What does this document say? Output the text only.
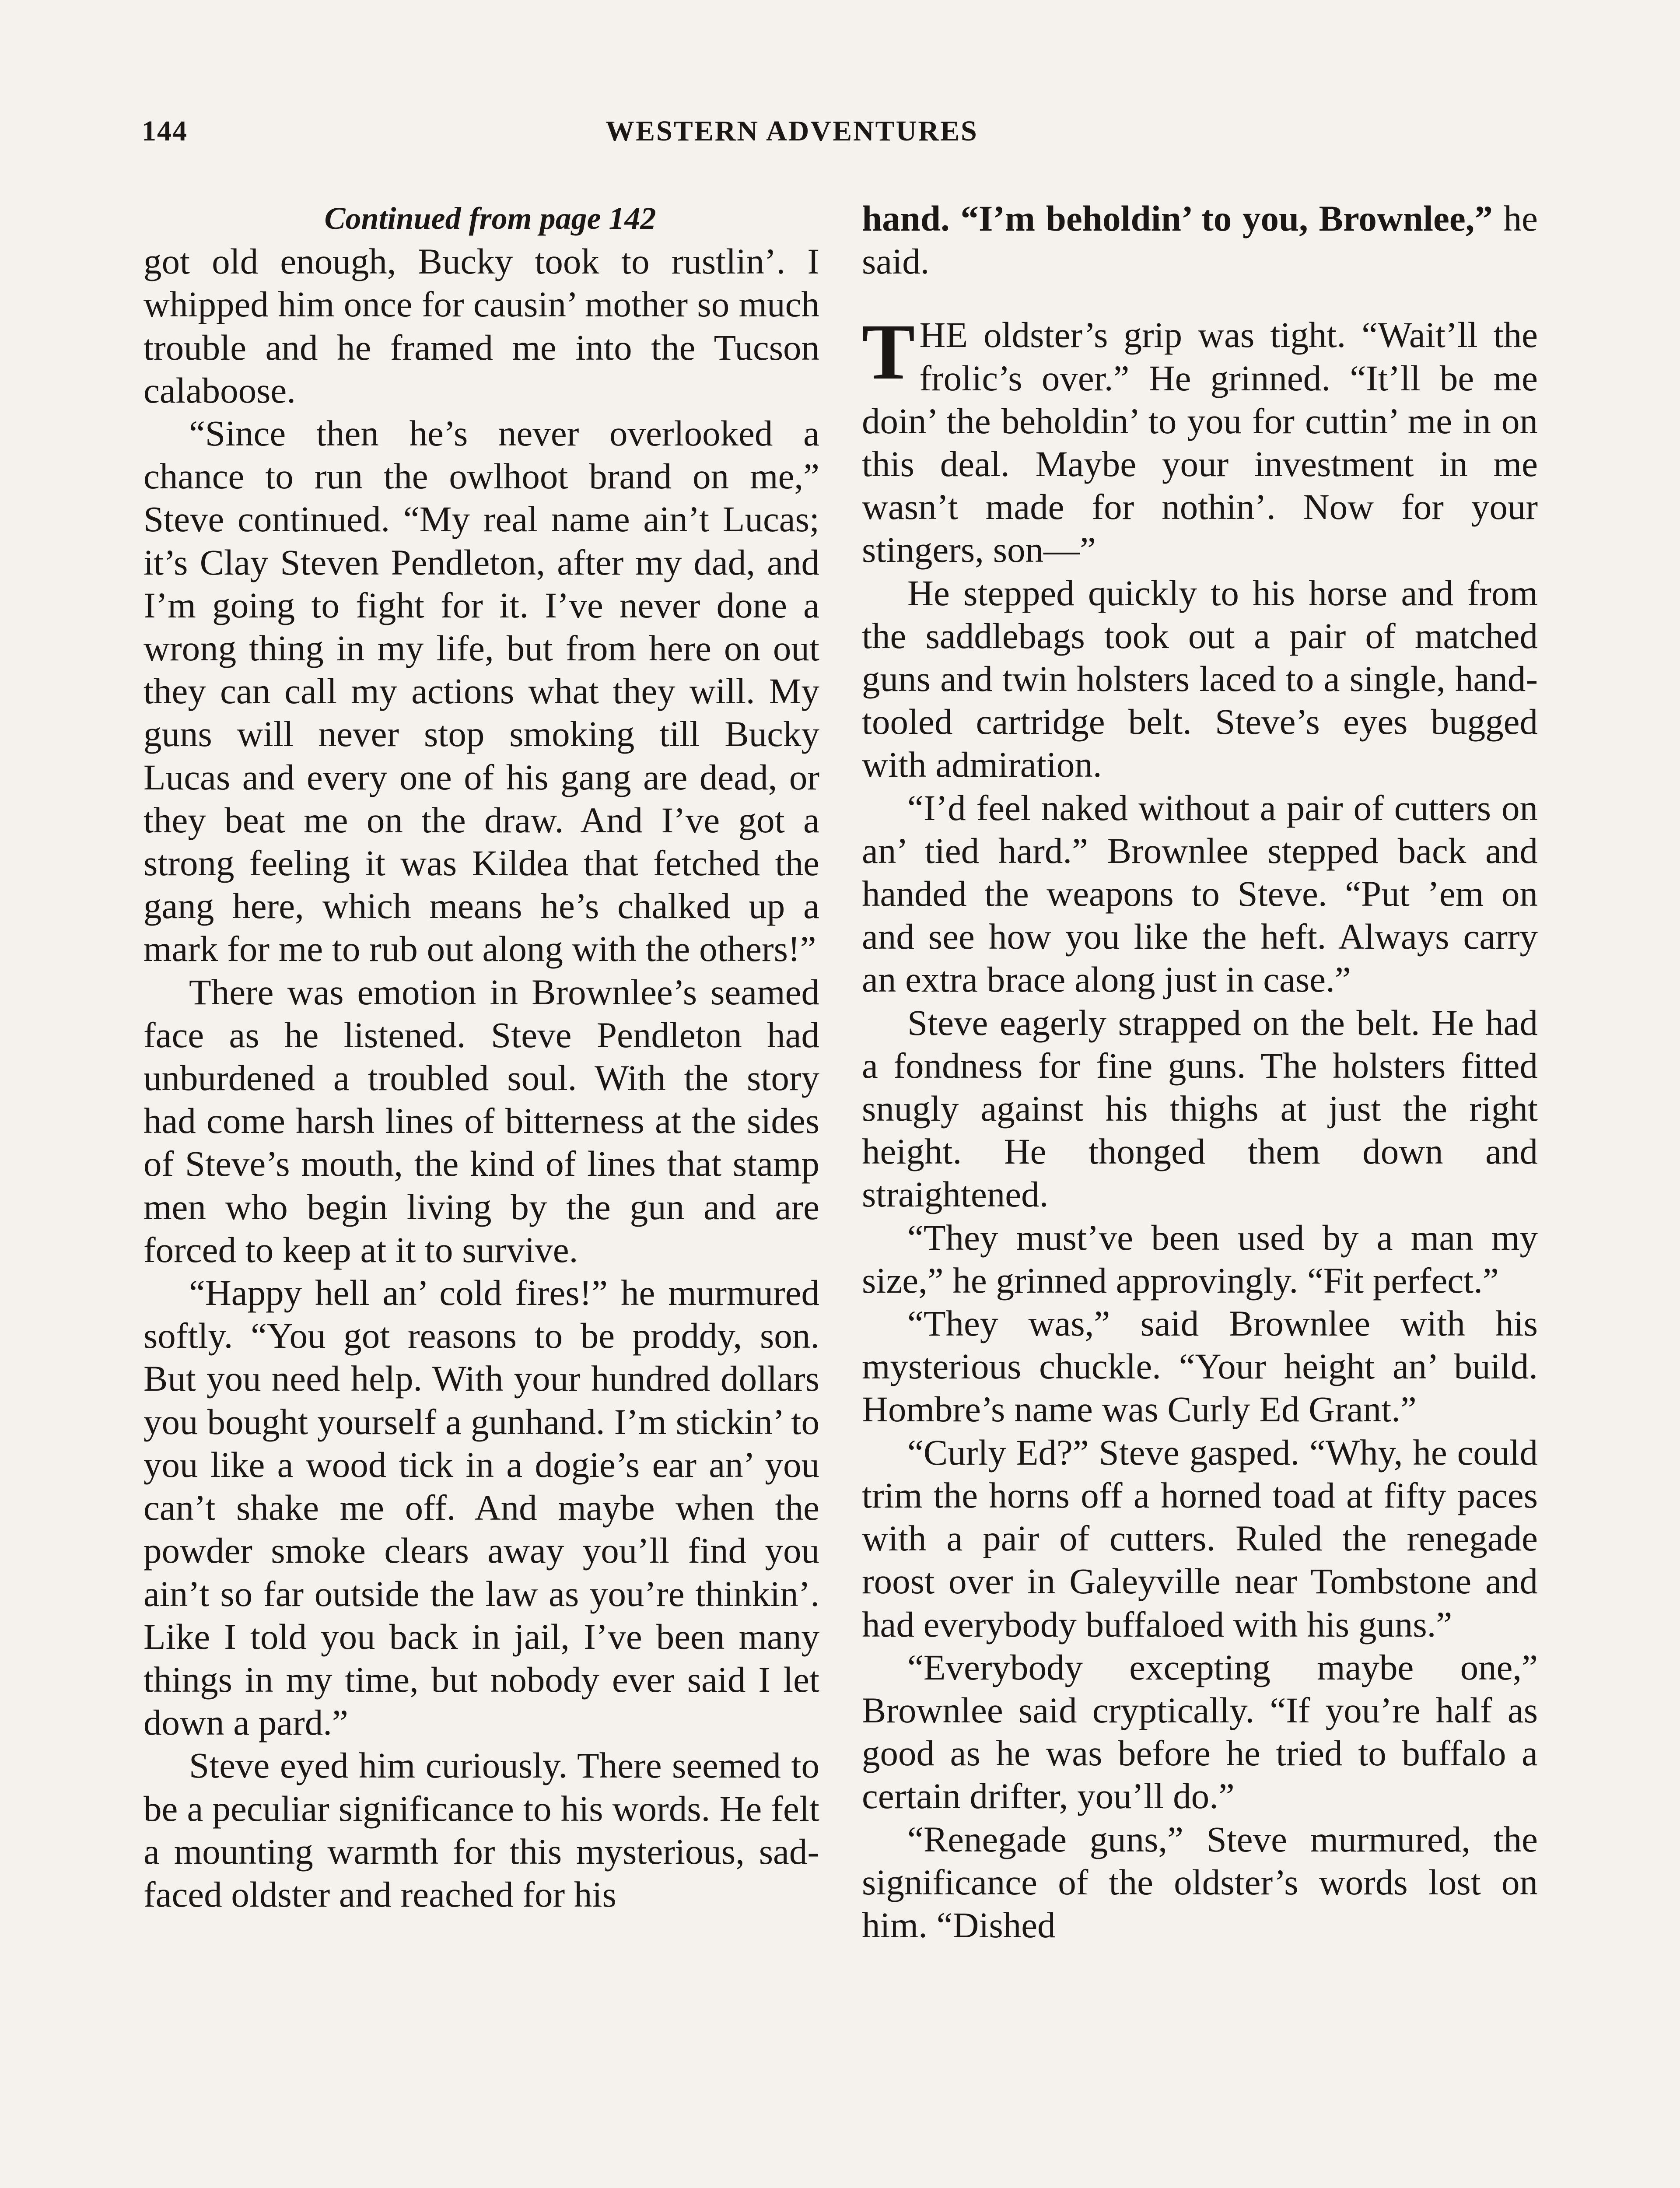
144	WESTERN ADVENTURES

Continued from page 142

got old enough, Bucky took to rustlin’. I whipped him once for causin’ mother so much trouble and he framed me into the Tucson calaboose.

“Since then he’s never overlooked a chance to run the owlhoot brand on me,” Steve continued. “My real name ain’t Lucas; it’s Clay Steven Pendleton, after my dad, and I’m going to fight for it. I’ve never done a wrong thing in my life, but from here on out they can call my actions what they will. My guns will never stop smoking till Bucky Lucas and every one of his gang are dead, or they beat me on the draw. And I’ve got a strong feeling it was Kildea that fetched the gang here, which means he’s chalked up a mark for me to rub out along with the others!”

There was emotion in Brownlee’s seamed face as he listened. Steve Pendleton had unburdened a troubled soul. With the story had come harsh lines of bitterness at the sides of Steve’s mouth, the kind of lines that stamp men who begin living by the gun and are forced to keep at it to survive.

“Happy hell an’ cold fires!” he murmured softly. “You got reasons to be proddy, son. But you need help. With your hundred dollars you bought yourself a gunhand. I’m stickin’ to you like a wood tick in a dogie’s ear an’ you can’t shake me off. And maybe when the powder smoke clears away you’ll find you ain’t so far outside the law as you’re thinkin’. Like I told you back in jail, I’ve been many things in my time, but nobody ever said I let down a pard.”

Steve eyed him curiously. There seemed to be a peculiar significance to his words. He felt a mounting warmth for this mysterious, sadfaced oldster and reached for his

hand. “I’m beholdin’ to you, Brownlee,” he said.

THE oldster’s grip was tight. “Wait’ll the frolic’s over.” He grinned. “It’ll be me doin’ the beholdin’ to you for cuttin’ me in on this deal. Maybe your investment in me wasn’t made for nothin’. Now for your stingers, son—”

He stepped quickly to his horse and from the saddlebags took out a pair of matched guns and twin holsters laced to a single, hand-tooled cartridge belt. Steve’s eyes bugged with admiration.

“I’d feel naked without a pair of cutters on an’ tied hard.” Brownlee stepped back and handed the weapons to Steve. “Put ’em on and see how you like the heft. Always carry an extra brace along just in case.”

Steve eagerly strapped on the belt. He had a fondness for fine guns. The holsters fitted snugly against his thighs at just the right height. He thonged them down and straightened.

“They must’ve been used by a man my size,” he grinned approvingly. “Fit perfect.”

“They was,” said Brownlee with his mysterious chuckle. “Your height an’ build. Hombre’s name was Curly Ed Grant.”

“Curly Ed?” Steve gasped. “Why, he could trim the horns off a horned toad at fifty paces with a pair of cutters. Ruled the renegade roost over in Galeyville near Tombstone and had everybody buffaloed with his guns.”

“Everybody excepting maybe one,” Brownlee said cryptically. “If you’re half as good as he was before he tried to buffalo a certain drifter, you’ll do.”

“Renegade guns,” Steve murmured, the significance of the oldster’s words lost on him. “Dished
